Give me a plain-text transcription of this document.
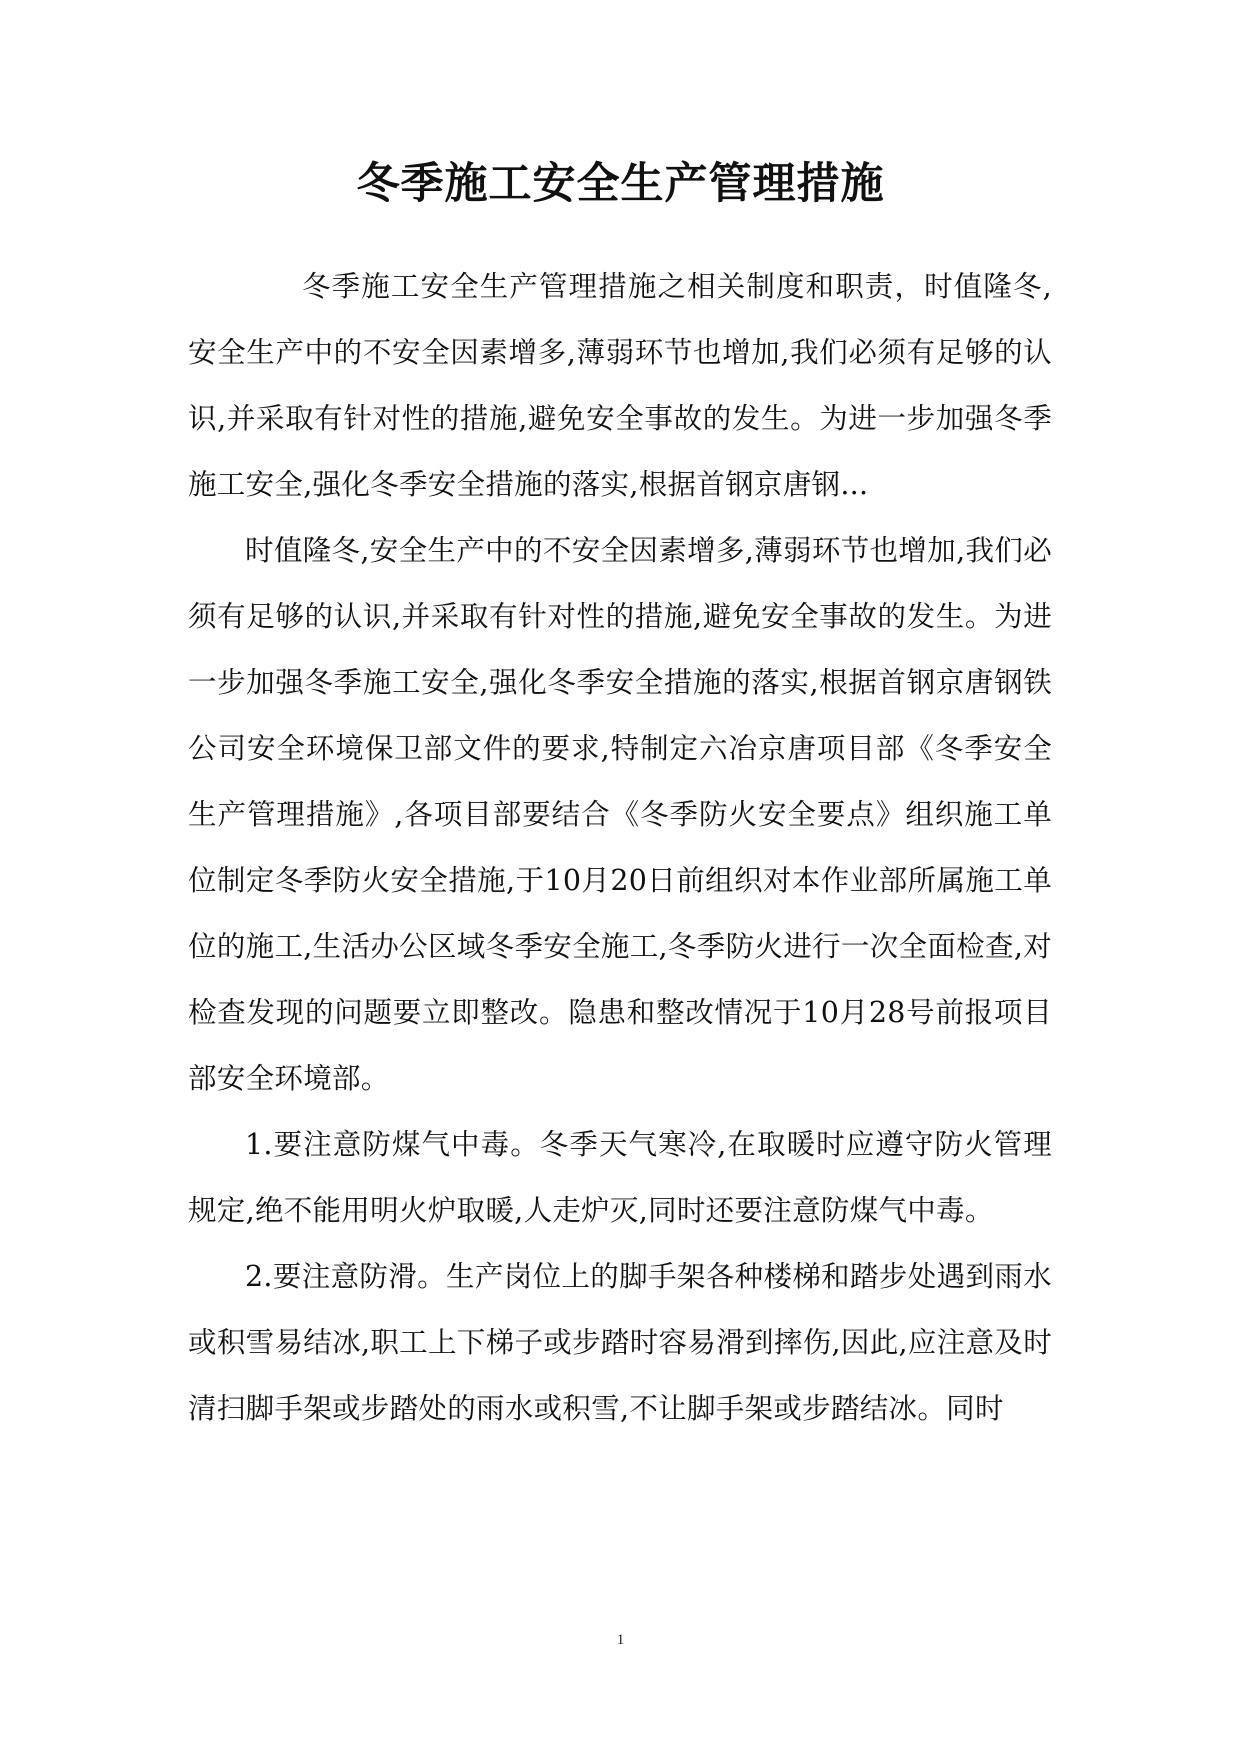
冬季施工安全生产管理措施

冬季施工安全生产管理措施之相关制度和职责，时值隆冬,安全生产中的不安全因素增多,薄弱环节也增加,我们必须有足够的认识,并采取有针对性的措施,避免安全事故的发生。为进一步加强冬季施工安全,强化冬季安全措施的落实,根据首钢京唐钢...

时值隆冬,安全生产中的不安全因素增多,薄弱环节也增加,我们必须有足够的认识,并采取有针对性的措施,避免安全事故的发生。为进一步加强冬季施工安全,强化冬季安全措施的落实,根据首钢京唐钢铁公司安全环境保卫部文件的要求,特制定六冶京唐项目部《冬季安全生产管理措施》,各项目部要结合《冬季防火安全要点》组织施工单位制定冬季防火安全措施,于10月20日前组织对本作业部所属施工单位的施工,生活办公区域冬季安全施工,冬季防火进行一次全面检查,对检查发现的问题要立即整改。隐患和整改情况于10月28号前报项目部安全环境部。

1.要注意防煤气中毒。冬季天气寒冷,在取暖时应遵守防火管理规定,绝不能用明火炉取暖,人走炉灭,同时还要注意防煤气中毒。

2.要注意防滑。生产岗位上的脚手架各种楼梯和踏步处遇到雨水或积雪易结冰,职工上下梯子或步踏时容易滑到摔伤,因此,应注意及时清扫脚手架或步踏处的雨水或积雪,不让脚手架或步踏结冰。同时

1
